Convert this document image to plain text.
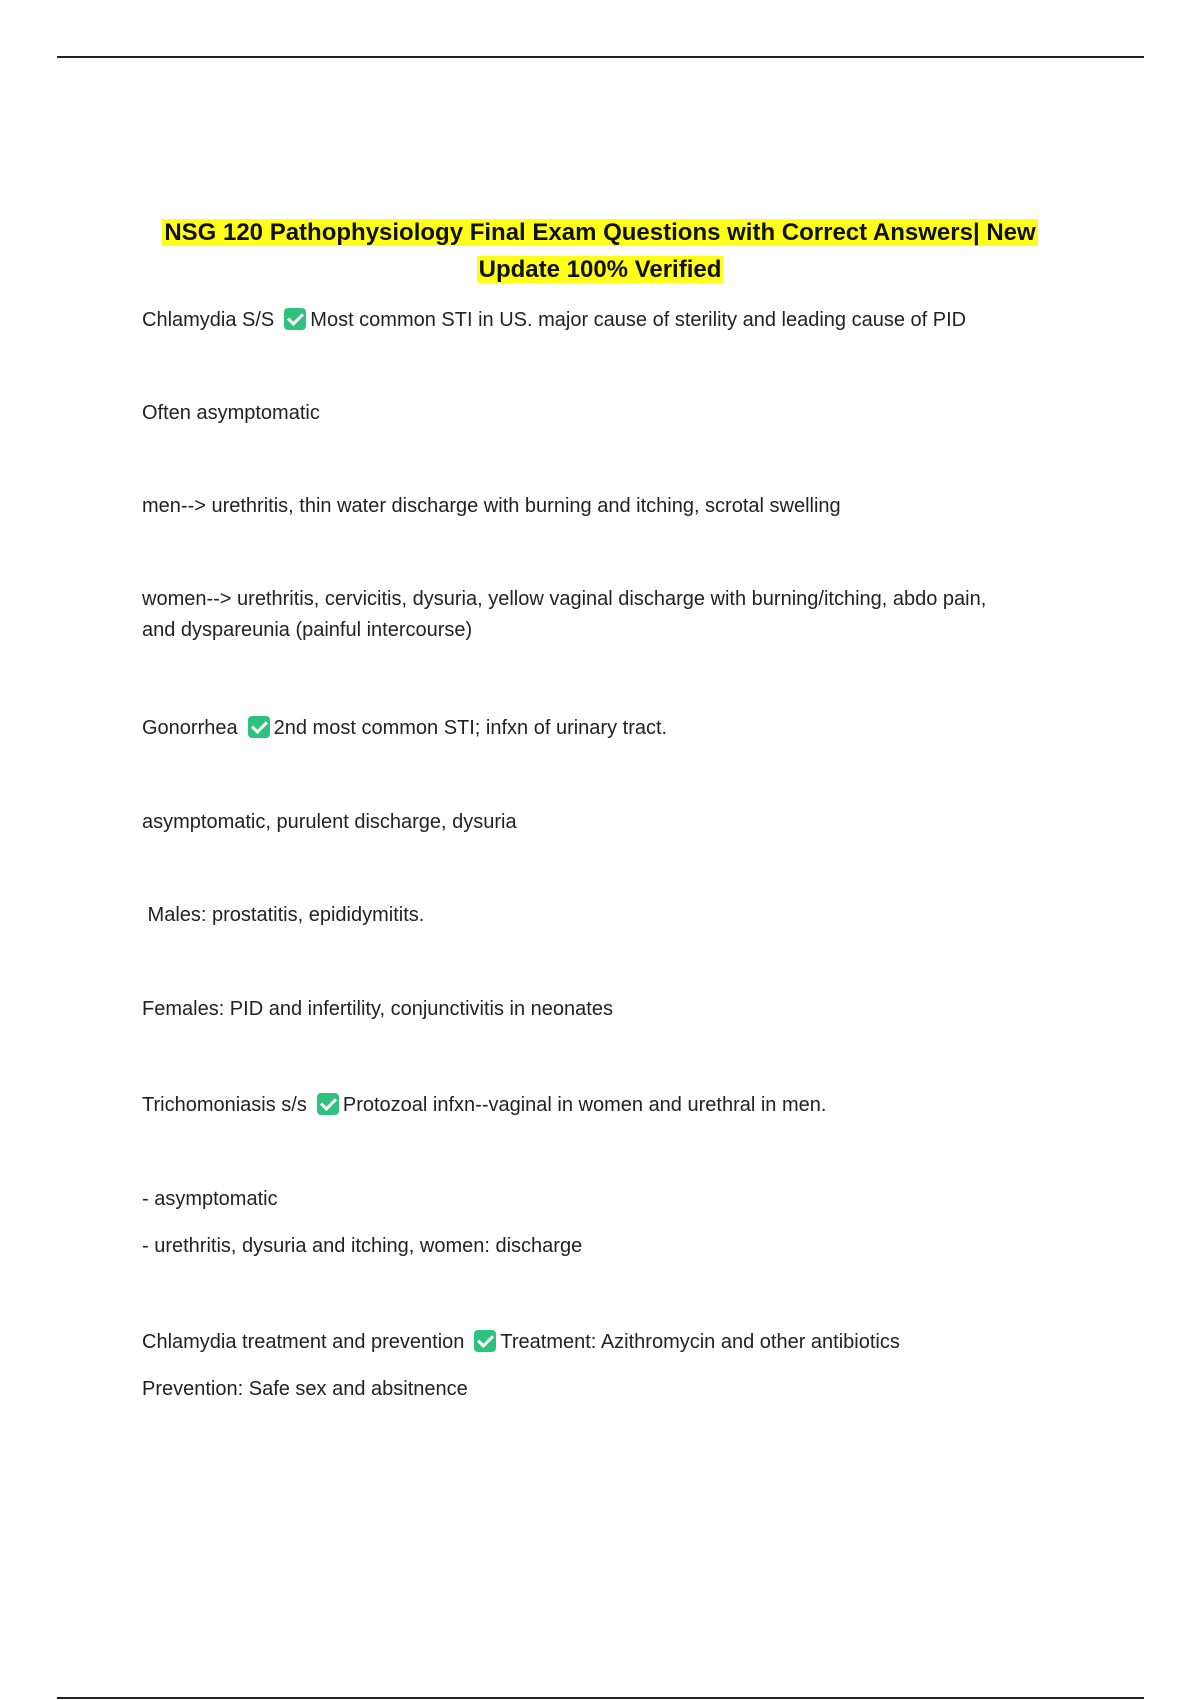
NSG 120 Pathophysiology Final Exam Questions with Correct Answers| New Update 100% Verified
Chlamydia S/S Most common STI in US. major cause of sterility and leading cause of PID
Often asymptomatic
men--> urethritis, thin water discharge with burning and itching, scrotal swelling
women--> urethritis, cervicitis, dysuria, yellow vaginal discharge with burning/itching, abdo pain, and dyspareunia (painful intercourse)
Gonorrhea 2nd most common STI; infxn of urinary tract.
asymptomatic, purulent discharge, dysuria
Males: prostatitis, epididymitits.
Females: PID and infertility, conjunctivitis in neonates
Trichomoniasis s/s Protozoal infxn--vaginal in women and urethral in men.
- asymptomatic
- urethritis, dysuria and itching, women: discharge
Chlamydia treatment and prevention Treatment: Azithromycin and other antibiotics
Prevention: Safe sex and absitnence
